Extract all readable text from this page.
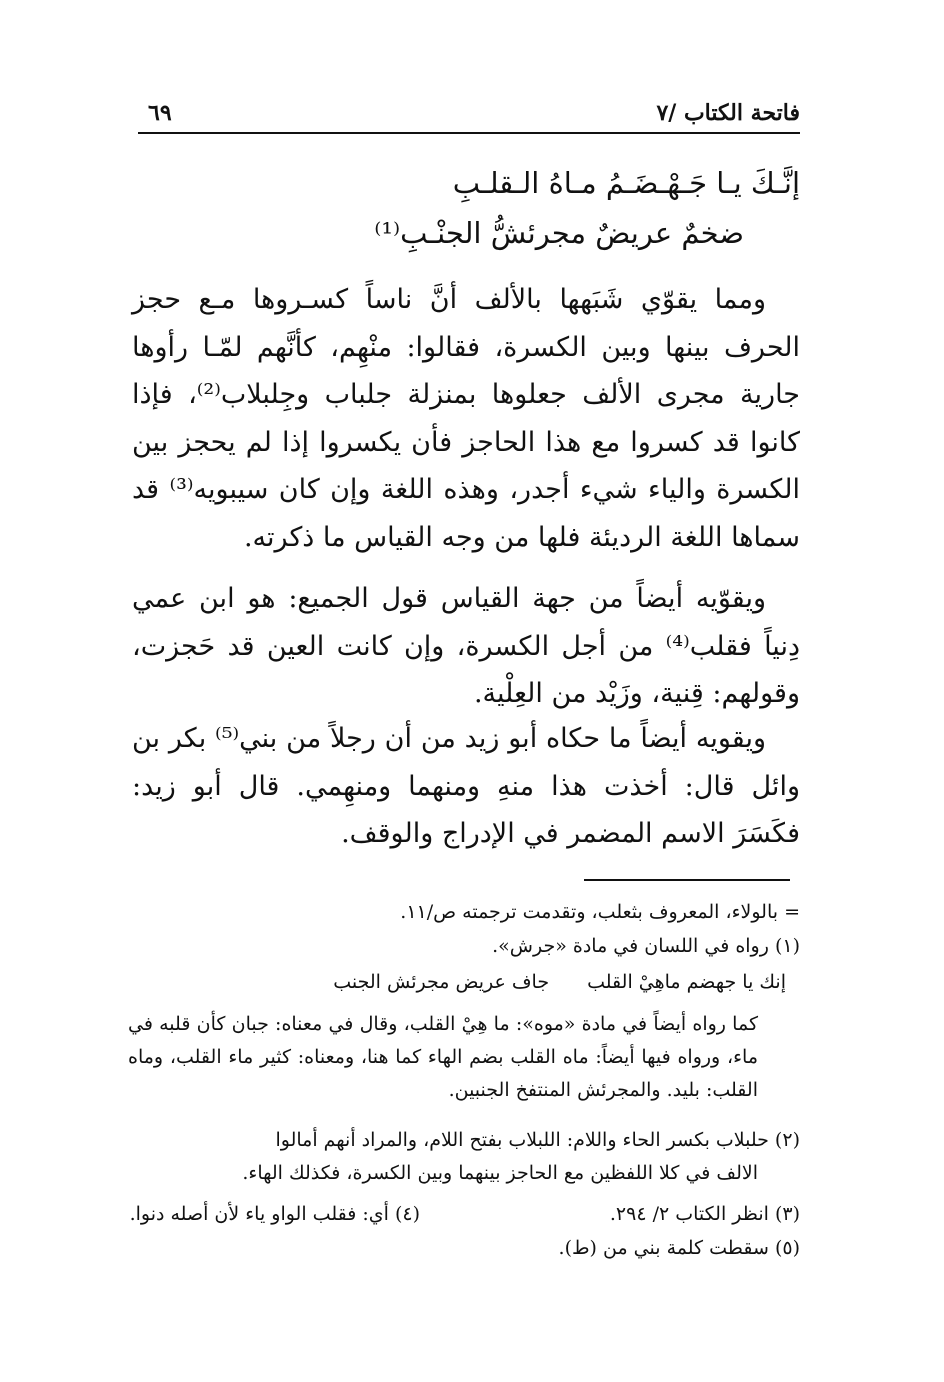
فاتحة الكتاب /٧
٦٩
إنَّـكَ يـا جَـهْـضَـمُ مـاهُ الـقلـبِ
ضخمٌ عريضٌ مجرئشُّ الجنْـبِ⁽¹⁾
ومما يقوّي شَبَهها بالألف أنَّ ناساً كسـروها مـع حجز الحرف بينها وبين الكسرة، فقالوا: منْهِم، كأنَّهم لمّـا رأوها جارية مجرى الألف جعلوها بمنزلة جلباب وجِلبلاب⁽²⁾، فإذا كانوا قد كسروا مع هذا الحاجز فأن يكسروا إذا لم يحجز بين الكسرة والياء شيء أجدر، وهذه اللغة وإن كان سيبويه⁽³⁾ قد سماها اللغة الرديئة فلها من وجه القياس ما ذكرته.
ويقوّيه أيضاً من جهة القياس قول الجميع: هو ابن عمي دِنياً فقلب⁽⁴⁾ من أجل الكسرة، وإن كانت العين قد حَجزت، وقولهم: قِنية، وزَيْد من العِلْية.
ويقويه أيضاً ما حكاه أبو زيد من أن رجلاً من بني⁽⁵⁾ بكر بن وائل قال: أخذت هذا منهِ ومنهما ومنهِمي. قال أبو زيد: فكَسَرَ الاسم المضمر في الإدراج والوقف.
= بالولاء، المعروف بثعلب، وتقدمت ترجمته ص/١١.
(١) رواه في اللسان في مادة «جرش».
إنك يا جهضم ماهِيْ القلبجاف عريض مجرئش الجنب
كما رواه أيضاً في مادة «موه»: ما هِيْ القلب، وقال في معناه: جبان كأن قلبه في ماء، ورواه فيها أيضاً: ماه القلب بضم الهاء كما هنا، ومعناه: كثير ماء القلب، وماه القلب: بليد. والمجرئش المنتفخ الجنبين.
(٢) حلبلاب بكسر الحاء واللام: اللبلاب بفتح اللام، والمراد أنهم أمالوا
الالف في كلا اللفظين مع الحاجز بينهما وبين الكسرة، فكذلك الهاء.
(٣) انظر الكتاب ٢/ ٢٩٤.(٤) أي: فقلب الواو ياء لأن أصله دنوا.
(٥) سقطت كلمة بني من (ط).
